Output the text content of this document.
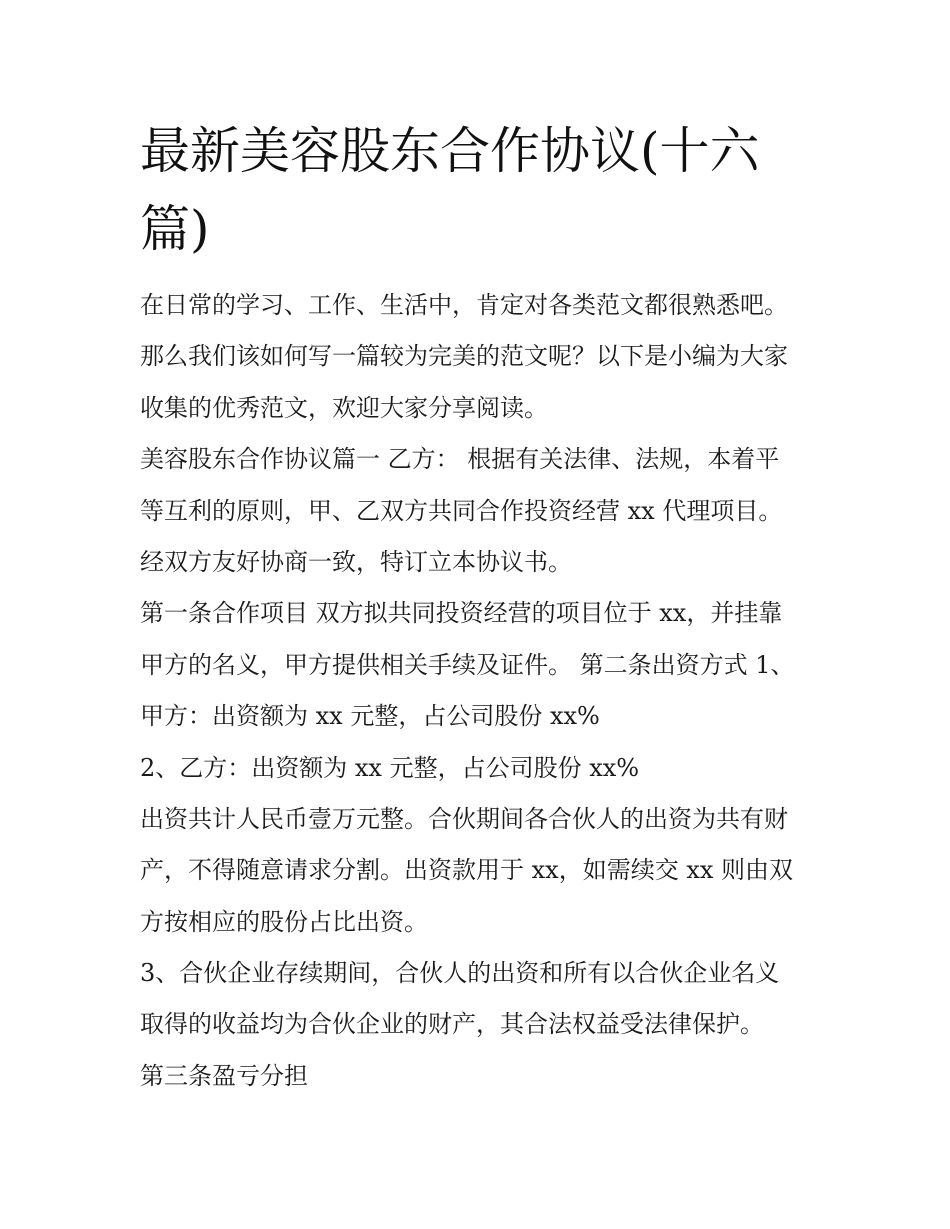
最新美容股东合作协议(十六
篇)
在日常的学习、工作、生活中，肯定对各类范文都很熟悉吧。
那么我们该如何写一篇较为完美的范文呢？以下是小编为大家
收集的优秀范文，欢迎大家分享阅读。
美容股东合作协议篇一 乙方： 根据有关法律、法规，本着平
等互利的原则，甲、乙双方共同合作投资经营 xx 代理项目。
经双方友好协商一致，特订立本协议书。
第一条合作项目 双方拟共同投资经营的项目位于 xx，并挂靠
甲方的名义，甲方提供相关手续及证件。 第二条出资方式 1、
甲方：出资额为 xx 元整，占公司股份 xx%
2、乙方：出资额为 xx 元整，占公司股份 xx%
出资共计人民币壹万元整。合伙期间各合伙人的出资为共有财
产，不得随意请求分割。出资款用于 xx，如需续交 xx 则由双
方按相应的股份占比出资。
3、合伙企业存续期间，合伙人的出资和所有以合伙企业名义
取得的收益均为合伙企业的财产，其合法权益受法律保护。
第三条盈亏分担
